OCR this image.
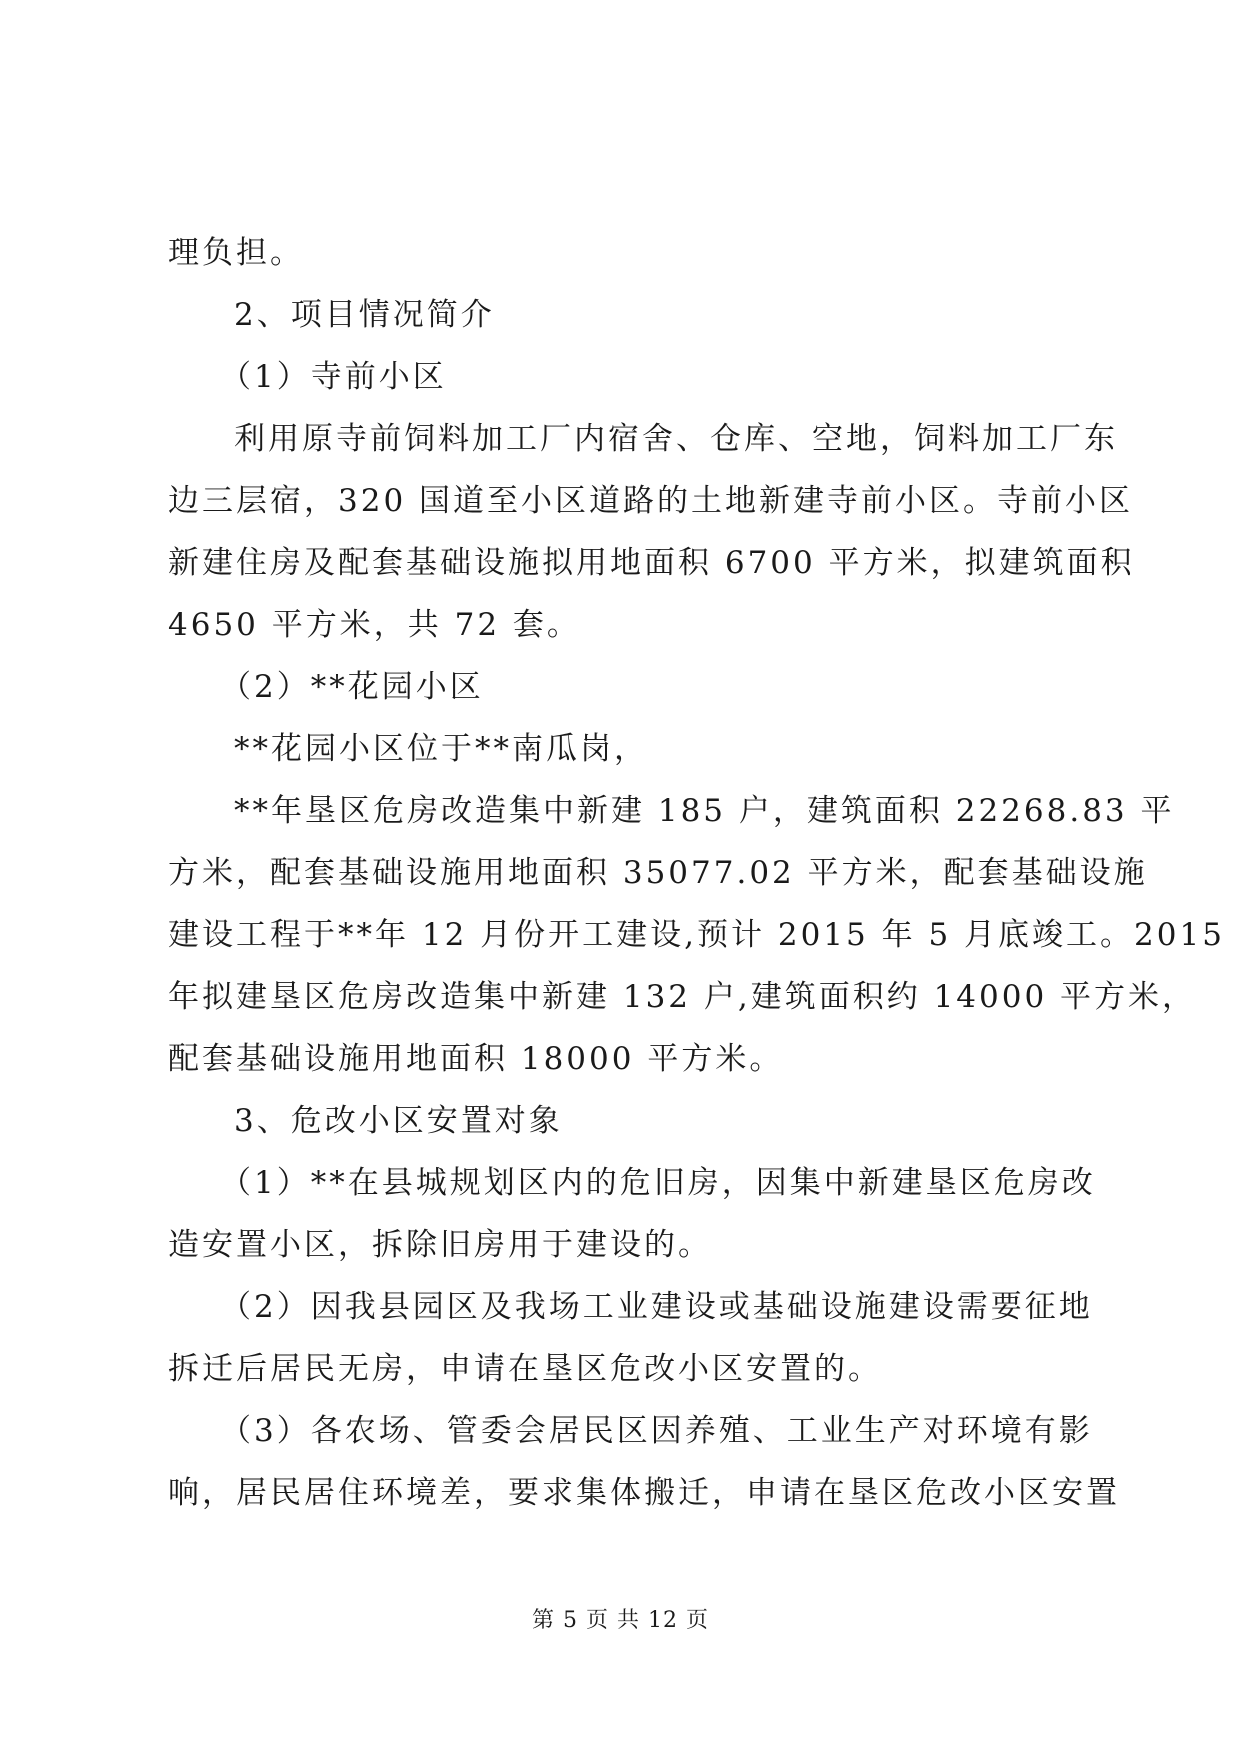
理负担。
2、项目情况简介
（1）寺前小区
利用原寺前饲料加工厂内宿舍、仓库、空地，饲料加工厂东
边三层宿，320 国道至小区道路的土地新建寺前小区。寺前小区
新建住房及配套基础设施拟用地面积 6700 平方米，拟建筑面积
4650 平方米，共 72 套。
（2）**花园小区
**花园小区位于**南瓜岗，
**年垦区危房改造集中新建 185 户，建筑面积 22268.83 平
方米，配套基础设施用地面积 35077.02 平方米，配套基础设施
建设工程于**年 12 月份开工建设,预计 2015 年 5 月底竣工。2015
年拟建垦区危房改造集中新建 132 户,建筑面积约 14000 平方米，
配套基础设施用地面积 18000 平方米。
3、危改小区安置对象
（1）**在县城规划区内的危旧房，因集中新建垦区危房改
造安置小区，拆除旧房用于建设的。
（2）因我县园区及我场工业建设或基础设施建设需要征地
拆迁后居民无房，申请在垦区危改小区安置的。
（3）各农场、管委会居民区因养殖、工业生产对环境有影
响，居民居住环境差，要求集体搬迁，申请在垦区危改小区安置
第 5 页 共 12 页
